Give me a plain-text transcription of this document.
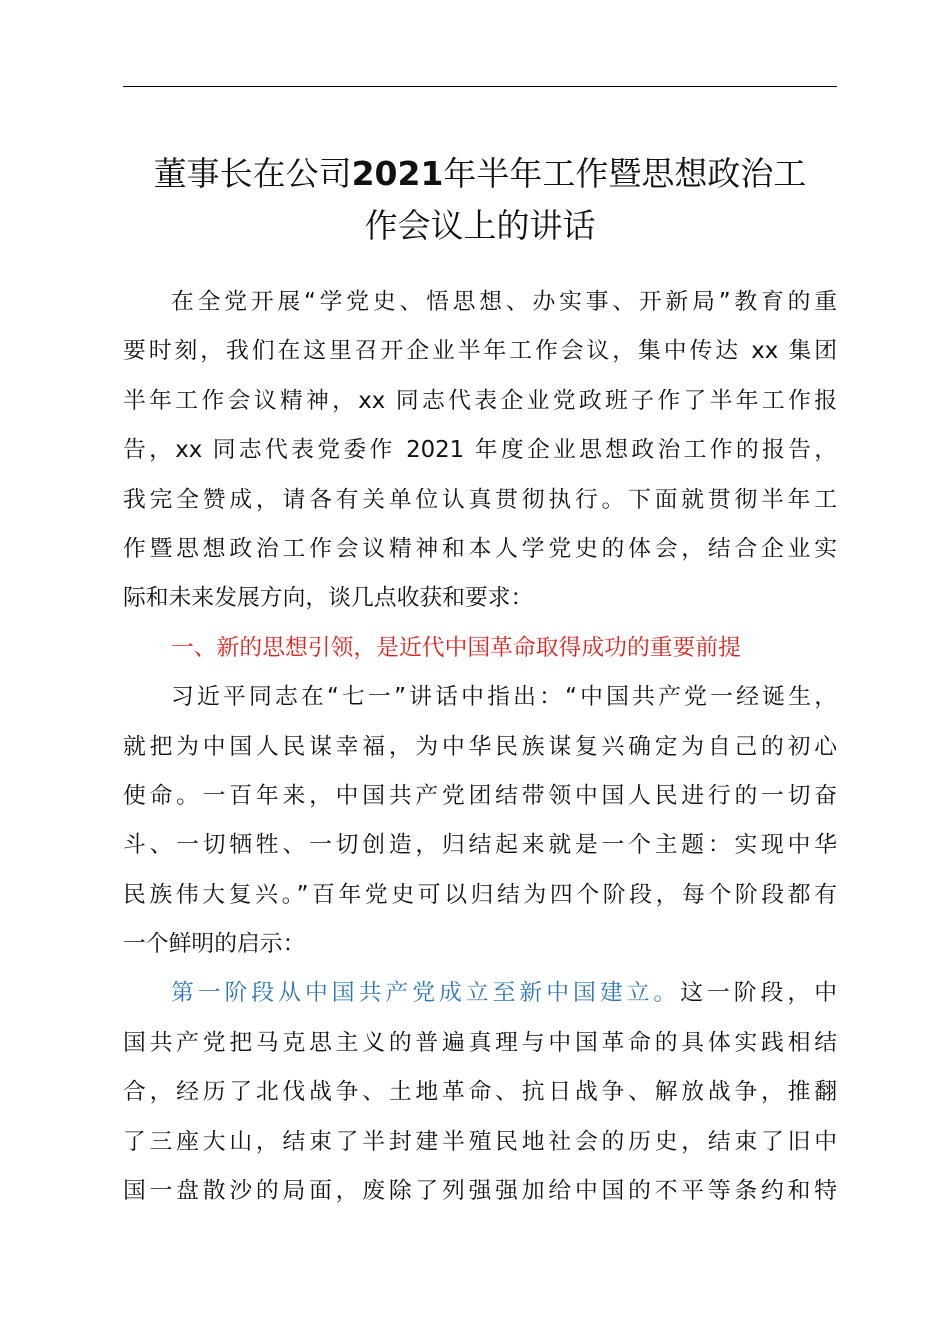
董事长在公司2021年半年工作暨思想政治工
作会议上的讲话
在全党开展“学党史、悟思想、办实事、开新局”教育的重
要时刻，我们在这里召开企业半年工作会议，集中传达 xx 集团
半年工作会议精神，xx 同志代表企业党政班子作了半年工作报
告，xx 同志代表党委作 2021 年度企业思想政治工作的报告，
我完全赞成，请各有关单位认真贯彻执行。下面就贯彻半年工
作暨思想政治工作会议精神和本人学党史的体会，结合企业实
际和未来发展方向，谈几点收获和要求：
一、新的思想引领，是近代中国革命取得成功的重要前提
习近平同志在“七一”讲话中指出：“中国共产党一经诞生，
就把为中国人民谋幸福，为中华民族谋复兴确定为自己的初心
使命。一百年来，中国共产党团结带领中国人民进行的一切奋
斗、一切牺牲、一切创造，归结起来就是一个主题：实现中华
民族伟大复兴。”百年党史可以归结为四个阶段，每个阶段都有
一个鲜明的启示：
第一阶段从中国共产党成立至新中国建立。这一阶段，中
国共产党把马克思主义的普遍真理与中国革命的具体实践相结
合，经历了北伐战争、土地革命、抗日战争、解放战争，推翻
了三座大山，结束了半封建半殖民地社会的历史，结束了旧中
国一盘散沙的局面，废除了列强强加给中国的不平等条约和特
